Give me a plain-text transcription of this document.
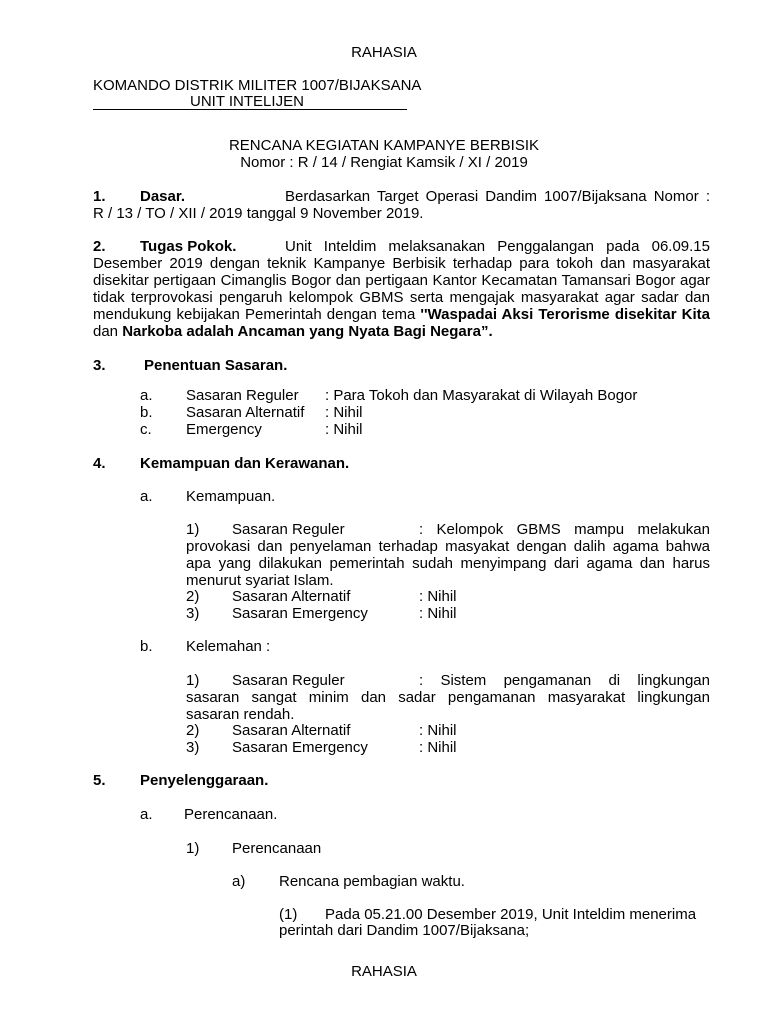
RAHASIA
KOMANDO DISTRIK MILITER 1007/BIJAKSANA
UNIT INTELIJEN
RENCANA KEGIATAN KAMPANYE BERBISIK
Nomor : R / 14 / Rengiat Kamsik / XI / 2019
1. Dasar.	Berdasarkan Target Operasi Dandim 1007/Bijaksana Nomor :
R / 13 / TO / XII / 2019 tanggal 9 November 2019.
2. Tugas Pokok.	Unit Inteldim melaksanakan Penggalangan pada 06.09.15
Desember 2019 dengan teknik Kampanye Berbisik terhadap para tokoh dan masyarakat disekitar pertigaan Cimanglis Bogor dan pertigaan Kantor Kecamatan Tamansari Bogor agar tidak terprovokasi pengaruh kelompok GBMS serta mengajak masyarakat agar sadar dan mendukung kebijakan Pemerintah dengan tema ''Waspadai Aksi Terorisme disekitar Kita dan Narkoba adalah Ancaman yang Nyata Bagi Negara”.
3.	Penentuan Sasaran.
a. Sasaran Reguler : Para Tokoh dan Masyarakat di Wilayah Bogor
b. Sasaran Alternatif : Nihil
c. Emergency	: Nihil
4. Kemampuan dan Kerawanan.
a. Kemampuan.
1) Sasaran Reguler	: Kelompok GBMS mampu melakukan
provokasi dan penyelaman terhadap masyakat dengan dalih agama bahwa apa yang dilakukan pemerintah sudah menyimpang dari agama dan harus menurut syariat Islam.
2) Sasaran Alternatif	: Nihil
3) Sasaran Emergency	: Nihil
b. Kelemahan :
1) Sasaran Reguler	: Sistem pengamanan di lingkungan
sasaran sangat minim dan sadar pengamanan masyarakat lingkungan sasaran rendah.
2) Sasaran Alternatif	: Nihil
3) Sasaran Emergency	: Nihil
5. Penyelenggaraan.
a. Perencanaan.
1) Perencanaan
a) Rencana pembagian waktu.
(1) Pada 05.21.00 Desember 2019, Unit Inteldim menerima
perintah dari Dandim 1007/Bijaksana;
RAHASIA
